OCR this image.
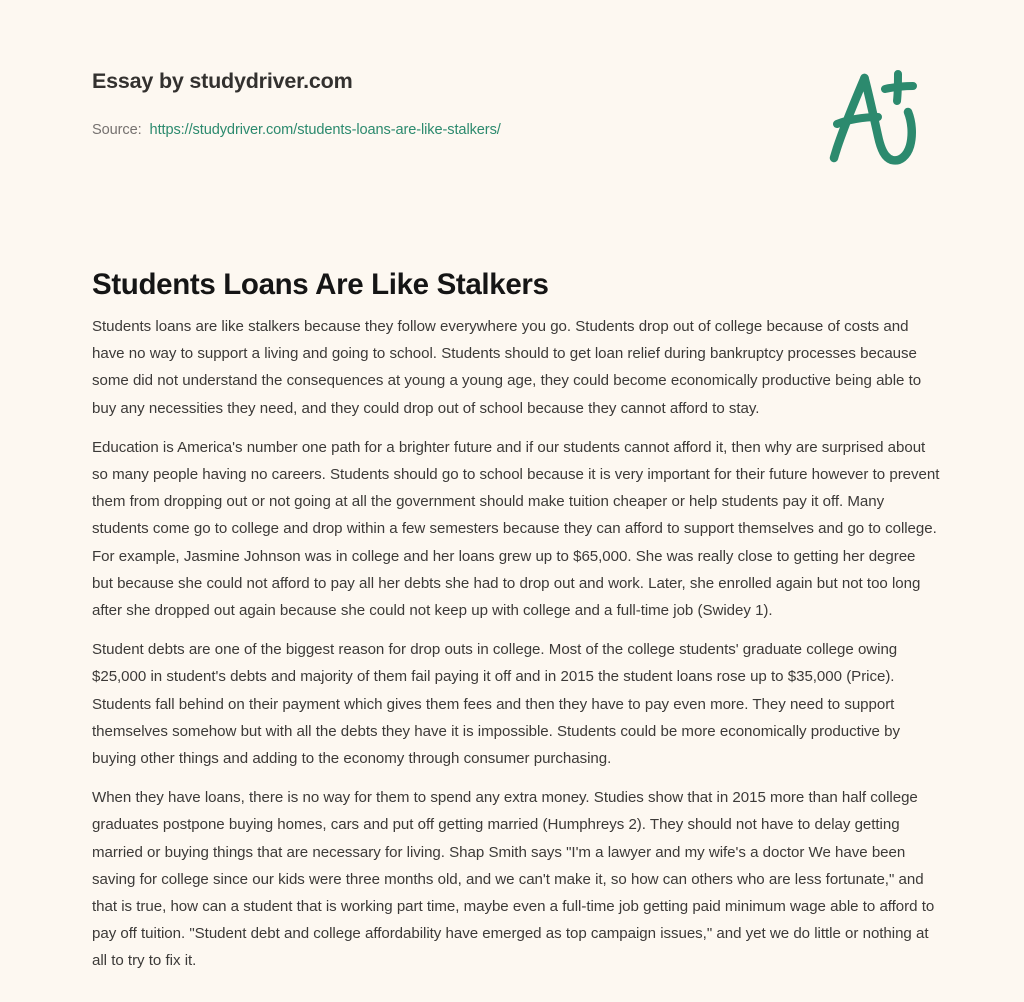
Essay by studydriver.com
Source: https://studydriver.com/students-loans-are-like-stalkers/
Students Loans Are Like Stalkers

Students loans are like stalkers because they follow everywhere you go. Students drop out of college because of costs and have no way to support a living and going to school. Students should to get loan relief during bankruptcy processes because some did not understand the consequences at young a young age, they could become economically productive being able to buy any necessities they need, and they could drop out of school because they cannot afford to stay.

Education is America's number one path for a brighter future and if our students cannot afford it, then why are surprised about so many people having no careers. Students should go to school because it is very important for their future however to prevent them from dropping out or not going at all the government should make tuition cheaper or help students pay it off. Many students come go to college and drop within a few semesters because they can afford to support themselves and go to college. For example, Jasmine Johnson was in college and her loans grew up to $65,000. She was really close to getting her degree but because she could not afford to pay all her debts she had to drop out and work. Later, she enrolled again but not too long after she dropped out again because she could not keep up with college and a full-time job (Swidey 1).

Student debts are one of the biggest reason for drop outs in college. Most of the college students' graduate college owing $25,000 in student's debts and majority of them fail paying it off and in 2015 the student loans rose up to $35,000 (Price). Students fall behind on their payment which gives them fees and then they have to pay even more. They need to support themselves somehow but with all the debts they have it is impossible. Students could be more economically productive by buying other things and adding to the economy through consumer purchasing.

When they have loans, there is no way for them to spend any extra money. Studies show that in 2015 more than half college graduates postpone buying homes, cars and put off getting married (Humphreys 2). They should not have to delay getting married or buying things that are necessary for living. Shap Smith says "I'm a lawyer and my wife's a doctor We have been saving for college since our kids were three months old, and we can't make it, so how can others who are less fortunate," and that is true, how can a student that is working part time, maybe even a full-time job getting paid minimum wage able to afford to pay off tuition. "Student debt and college affordability have emerged as top campaign issues," and yet we do little or nothing at all to try to fix it.
